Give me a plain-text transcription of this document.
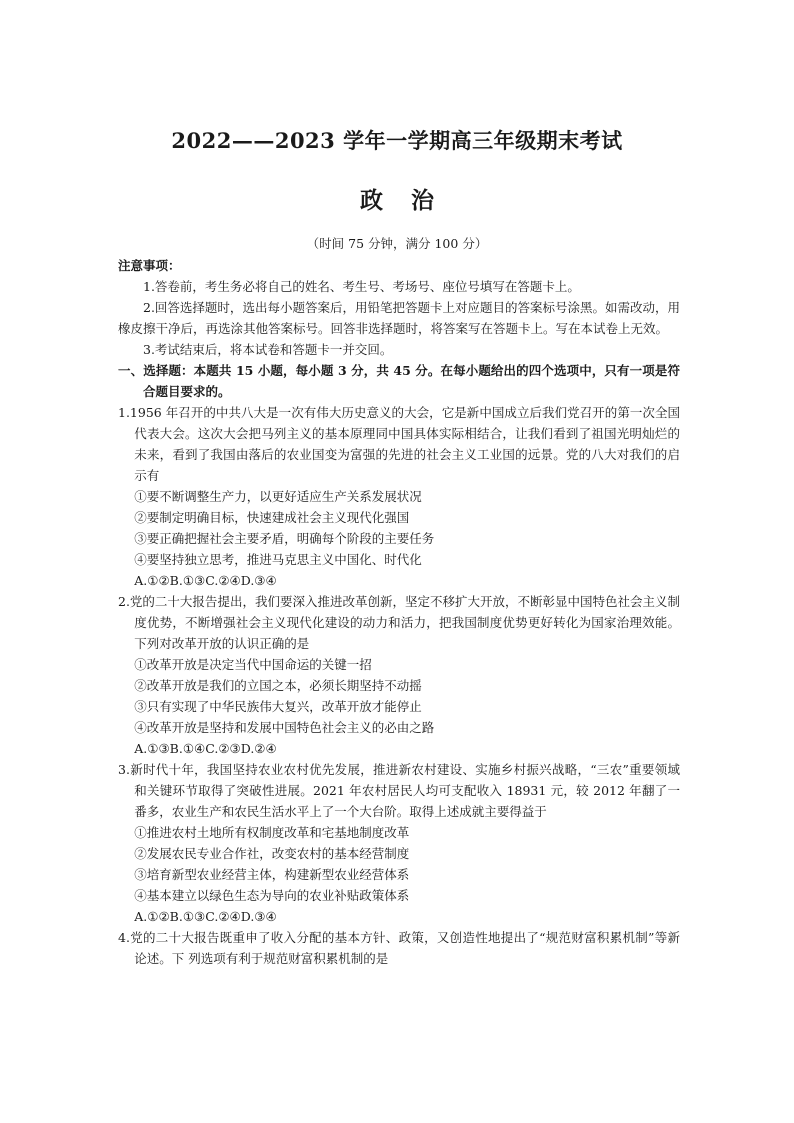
2022——2023 学年一学期高三年级期末考试
政 治
（时间 75 分钟，满分 100 分）
注意事项：
1.答卷前，考生务必将自己的姓名、考生号、考场号、座位号填写在答题卡上。
2.回答选择题时，选出每小题答案后，用铅笔把答题卡上对应题目的答案标号涂黑。如需改动，用橡皮擦干净后，再选涂其他答案标号。回答非选择题时，将答案写在答题卡上。写在本试卷上无效。
3.考试结束后，将本试卷和答题卡一并交回。
一、选择题：本题共 15 小题，每小题 3 分，共 45 分。在每小题给出的四个选项中，只有一项是符合题目要求的。
1.1956 年召开的中共八大是一次有伟大历史意义的大会，它是新中国成立后我们党召开的第一次全国代表大会。这次大会把马列主义的基本原理同中国具体实际相结合，让我们看到了祖国光明灿烂的未来，看到了我国由落后的农业国变为富强的先进的社会主义工业国的远景。党的八大对我们的启示有
①要不断调整生产力，以更好适应生产关系发展状况
②要制定明确目标，快速建成社会主义现代化强国
③要正确把握社会主要矛盾，明确每个阶段的主要任务
④要坚持独立思考，推进马克思主义中国化、时代化
A.①②B.①③C.②④D.③④
2.党的二十大报告提出，我们要深入推进改革创新，坚定不移扩大开放，不断彰显中国特色社会主义制度优势，不断增强社会主义现代化建设的动力和活力，把我国制度优势更好转化为国家治理效能。下列对改革开放的认识正确的是
①改革开放是决定当代中国命运的关键一招
②改革开放是我们的立国之本，必须长期坚持不动摇
③只有实现了中华民族伟大复兴，改革开放才能停止
④改革开放是坚持和发展中国特色社会主义的必由之路
A.①③B.①④C.②③D.②④
3.新时代十年，我国坚持农业农村优先发展，推进新农村建设、实施乡村振兴战略，“三农”重要领域和关键环节取得了突破性进展。2021 年农村居民人均可支配收入 18931 元，较 2012 年翻了一番多，农业生产和农民生活水平上了一个大台阶。取得上述成就主要得益于
①推进农村土地所有权制度改革和宅基地制度改革
②发展农民专业合作社，改变农村的基本经营制度
③培育新型农业经营主体，构建新型农业经营体系
④基本建立以绿色生态为导向的农业补贴政策体系
A.①②B.①③C.②④D.③④
4.党的二十大报告既重申了收入分配的基本方针、政策，又创造性地提出了“规范财富积累机制”等新论述。下 列选项有利于规范财富积累机制的是
